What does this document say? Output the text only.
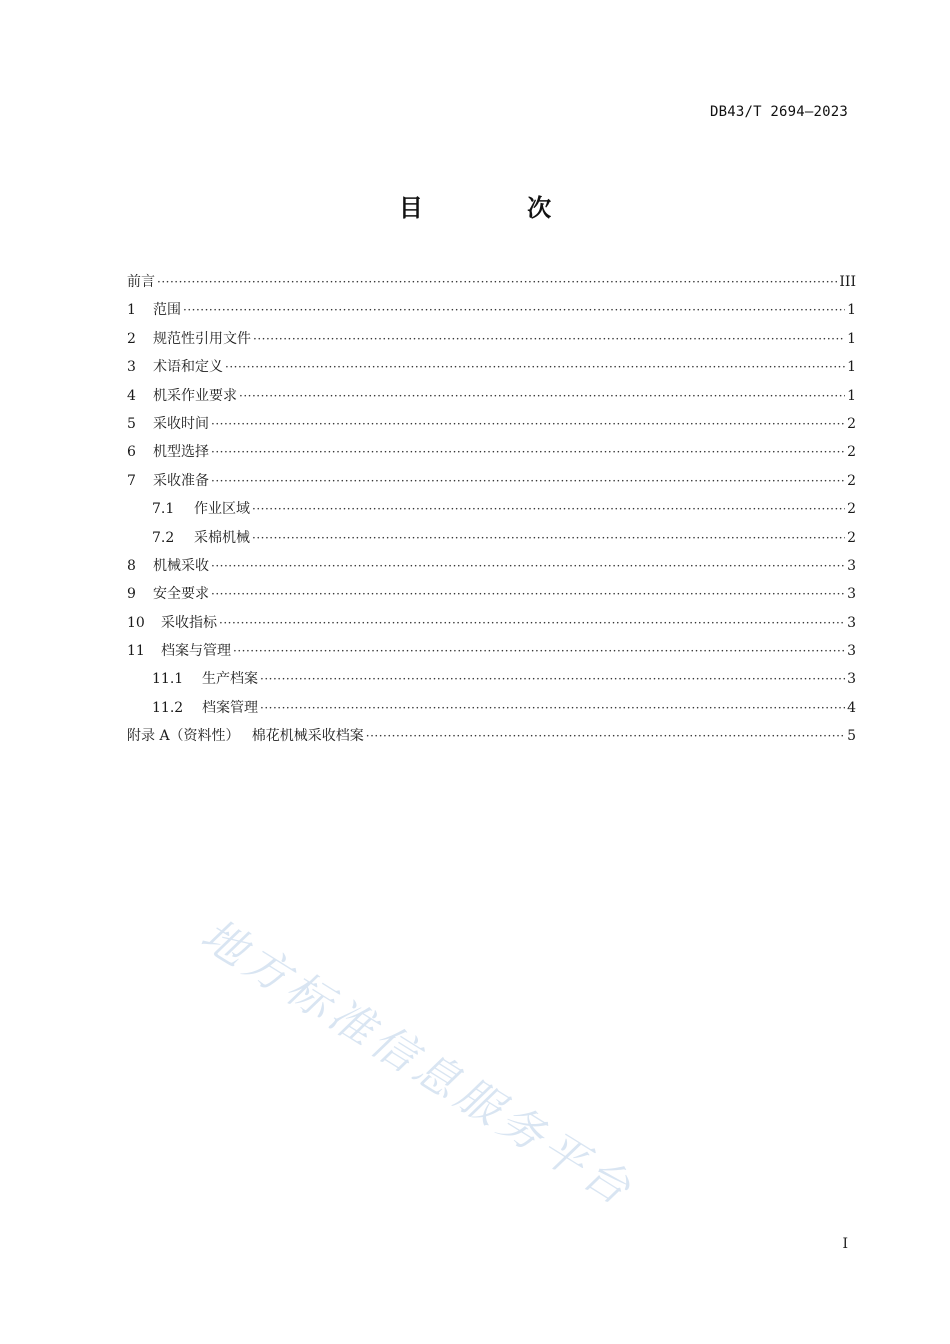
DB43/T 2694—2023
目 次
前言 ·····	III
1	范围 ·····	1
2	规范性引用文件 ·····	1
3	术语和定义 ·····	1
4	机采作业要求 ·····	1
5	采收时间 ·····	2
6	机型选择 ·····	2
7	采收准备 ·····	2
7.1	作业区域 ·····	2
7.2	采棉机械 ·····	2
8	机械采收 ·····	3
9	安全要求 ·····	3
10	采收指标 ·····	3
11	档案与管理 ·····	3
11.1	生产档案 ·····	3
11.2	档案管理 ·····	4
附录 A（资料性） 棉花机械采收档案 ·····	5
地方标准信息服务平台
I
